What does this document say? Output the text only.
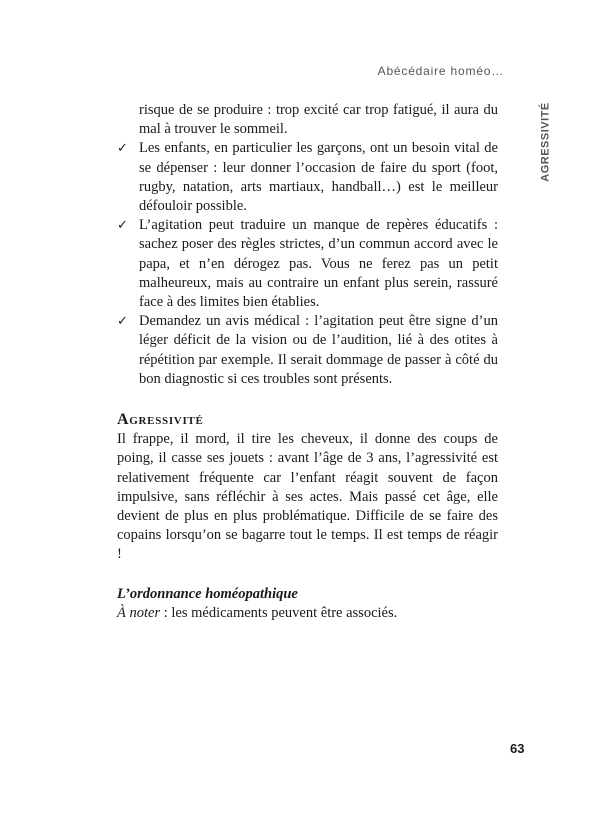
Abécédaire homéo…
AGRESSIVITÉ

risque de se produire : trop excité car trop fatigué, il aura du mal à trouver le sommeil.

✓ Les enfants, en particulier les garçons, ont un besoin vital de se dépenser : leur donner l’occasion de faire du sport (foot, rugby, natation, arts martiaux, handball…) est le meilleur défouloir possible.
✓ L’agitation peut traduire un manque de repères éducatifs : sachez poser des règles strictes, d’un commun accord avec le papa, et n’en dérogez pas. Vous ne ferez pas un petit malheureux, mais au contraire un enfant plus serein, rassuré face à des limites bien établies.
✓ Demandez un avis médical : l’agitation peut être signe d’un léger déficit de la vision ou de l’audition, lié à des otites à répétition par exemple. Il serait dommage de passer à côté du bon diagnostic si ces troubles sont présents.
Agressivité

Il frappe, il mord, il tire les cheveux, il donne des coups de poing, il casse ses jouets : avant l’âge de 3 ans, l’agressivité est relativement fréquente car l’enfant réagit souvent de façon impulsive, sans réfléchir à ses actes. Mais passé cet âge, elle devient de plus en plus problématique. Difficile de se faire des copains lorsqu’on se bagarre tout le temps. Il est temps de réagir !

L’ordonnance homéopathique

À noter : les médicaments peuvent être associés.

63
